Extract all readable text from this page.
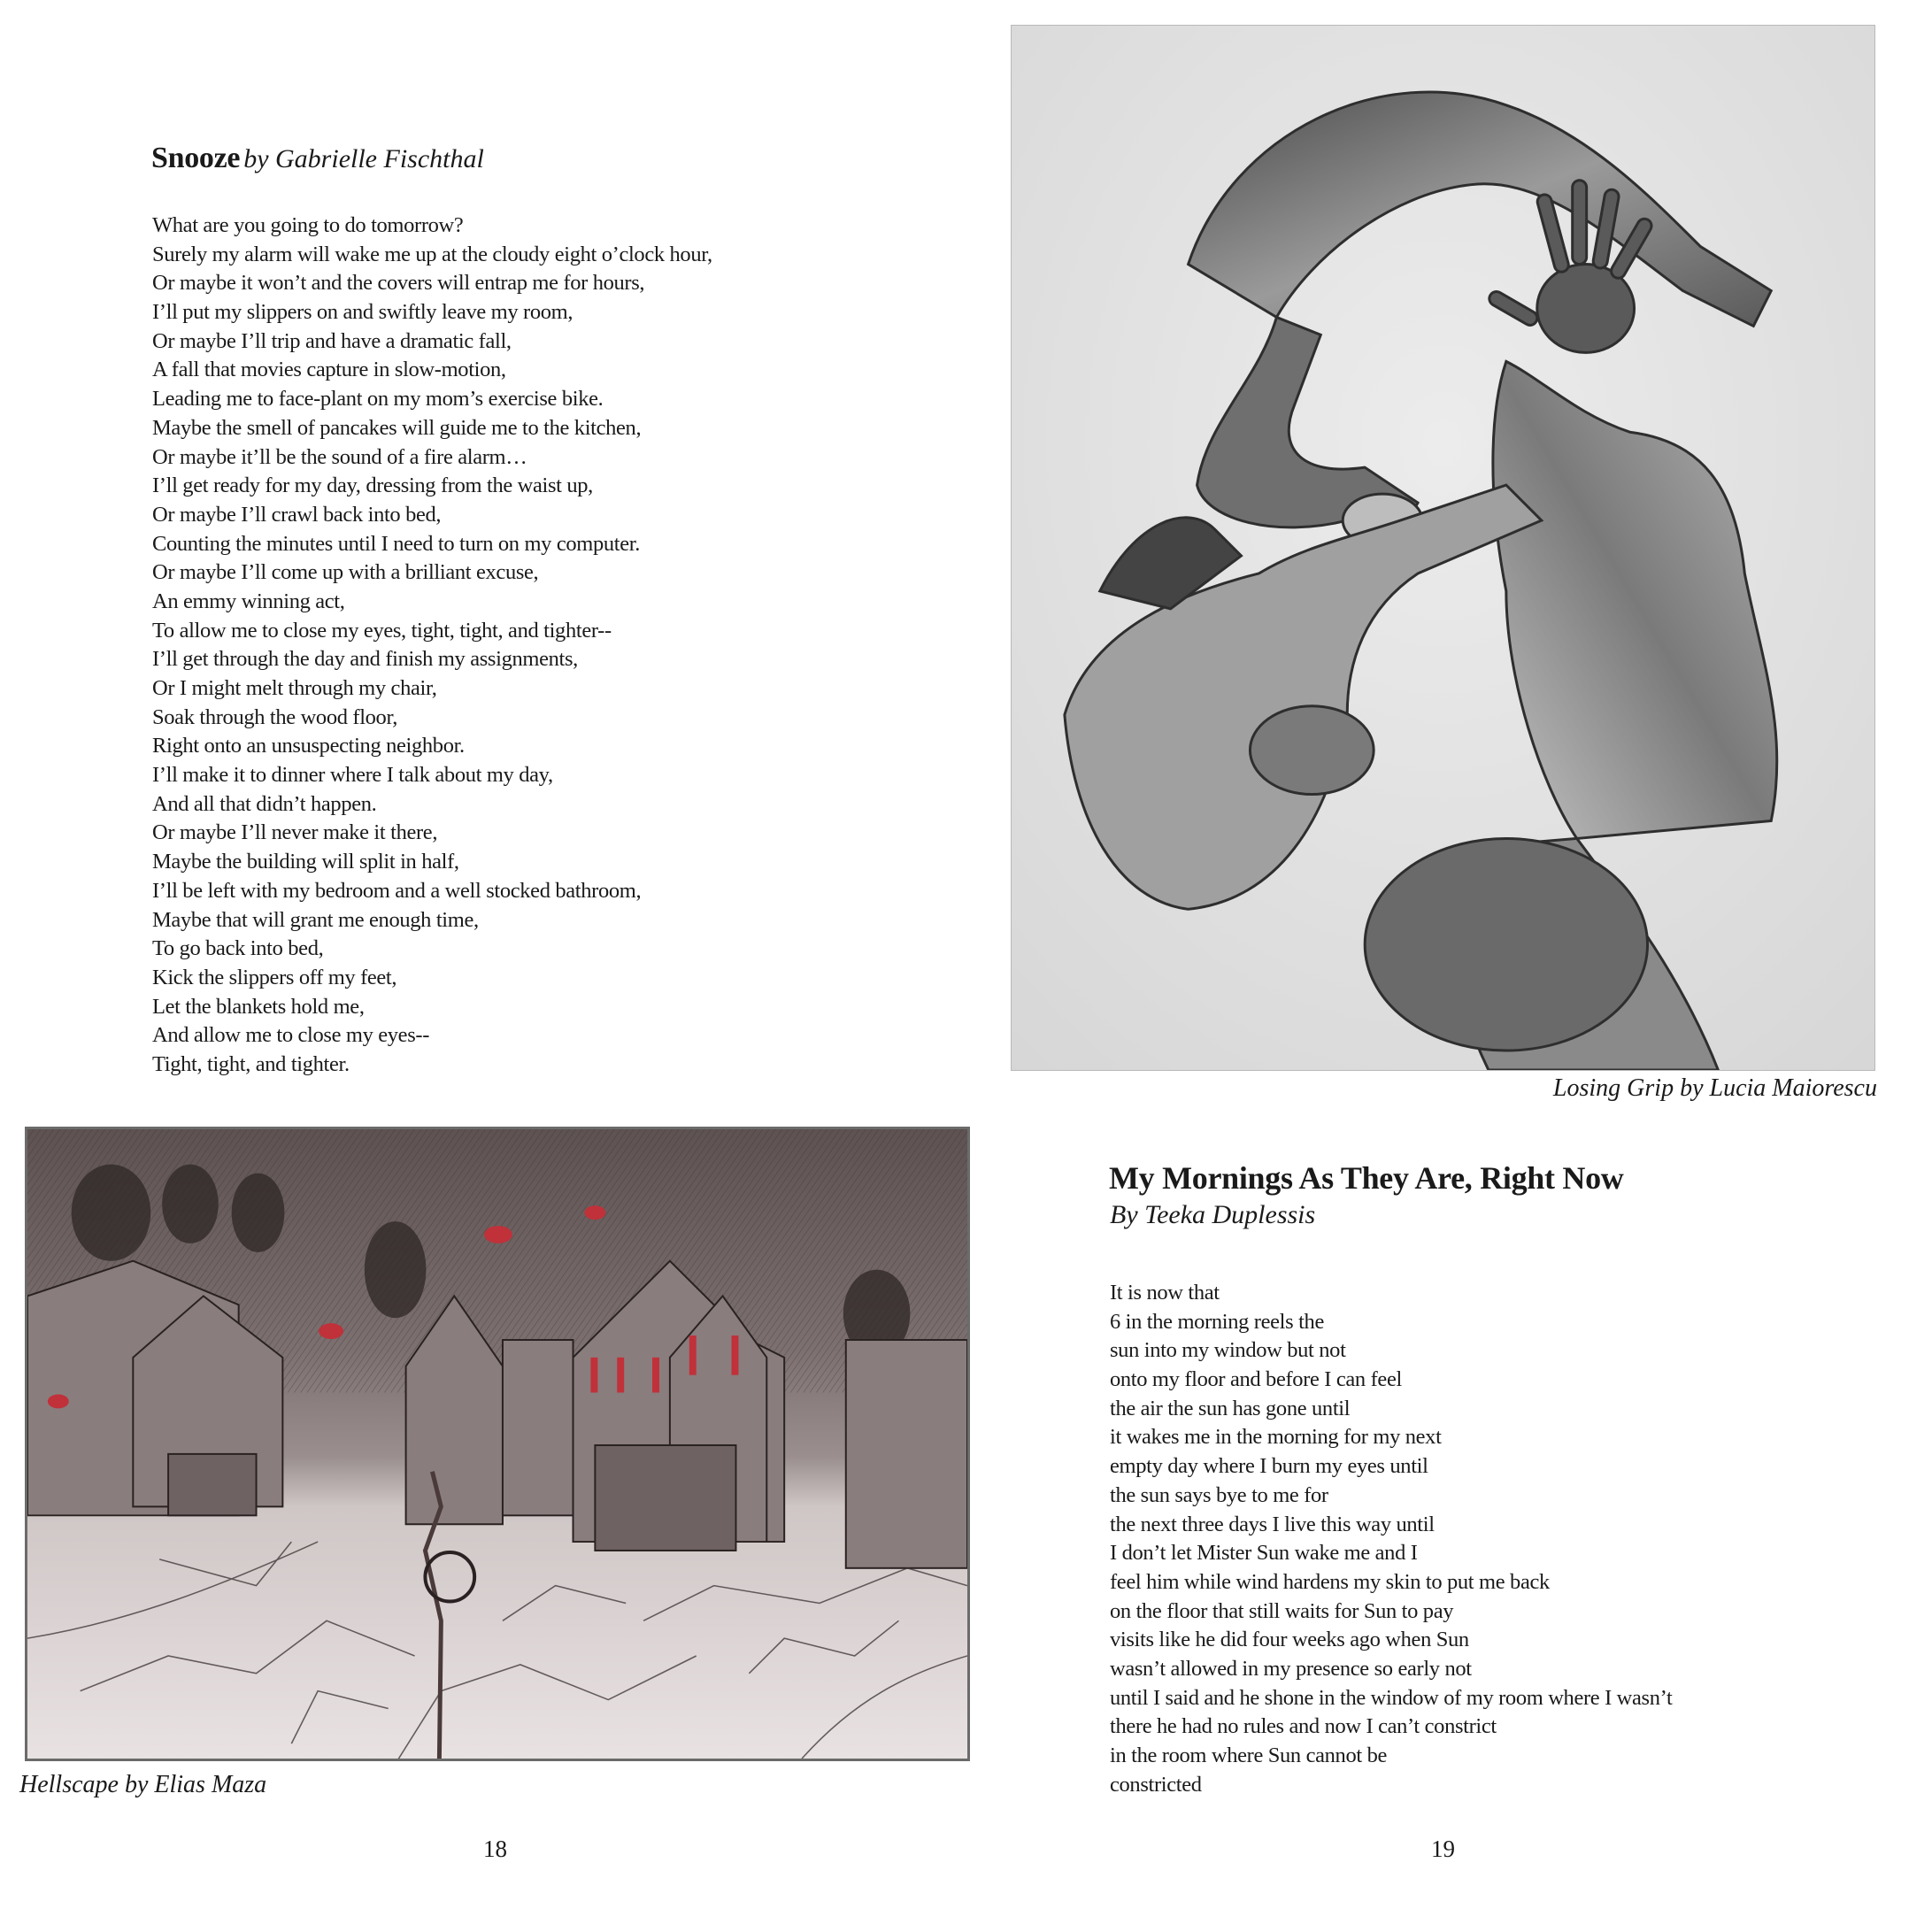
Snooze by Gabrielle Fischthal
What are you going to do tomorrow?
Surely my alarm will wake me up at the cloudy eight o’clock hour,
Or maybe it won’t and the covers will entrap me for hours,
I’ll put my slippers on and swiftly leave my room,
Or maybe I’ll trip and have a dramatic fall,
A fall that movies capture in slow-motion,
Leading me to face-plant on my mom’s exercise bike.
Maybe the smell of pancakes will guide me to the kitchen,
Or maybe it’ll be the sound of a fire alarm…
I’ll get ready for my day, dressing from the waist up,
Or maybe I’ll crawl back into bed,
Counting the minutes until I need to turn on my computer.
Or maybe I’ll come up with a brilliant excuse,
An emmy winning act,
To allow me to close my eyes, tight, tight, and tighter--
I’ll get through the day and finish my assignments,
Or I might melt through my chair,
Soak through the wood floor,
Right onto an unsuspecting neighbor.
I’ll make it to dinner where I talk about my day,
And all that didn’t happen.
Or maybe I’ll never make it there,
Maybe the building will split in half,
I’ll be left with my bedroom and a well stocked bathroom,
Maybe that will grant me enough time,
To go back into bed,
Kick the slippers off my feet,
Let the blankets hold me,
And allow me to close my eyes--
Tight, tight, and tighter.
Hellscape by Elias Maza
18
Losing Grip by Lucia Maiorescu
My Mornings As They Are, Right Now
By Teeka Duplessis
It is now that
6 in the morning reels the
sun into my window but not
onto my floor and before I can feel
the air the sun has gone until
it wakes me in the morning for my next
empty day where I burn my eyes until
the sun says bye to me for
the next three days I live this way until
I don’t let Mister Sun wake me and I
feel him while wind hardens my skin to put me back
on the floor that still waits for Sun to pay
visits like he did four weeks ago when Sun
wasn’t allowed in my presence so early not
until I said and he shone in the window of my room where I wasn’t
there he had no rules and now I can’t constrict
in the room where Sun cannot be
constricted
19
